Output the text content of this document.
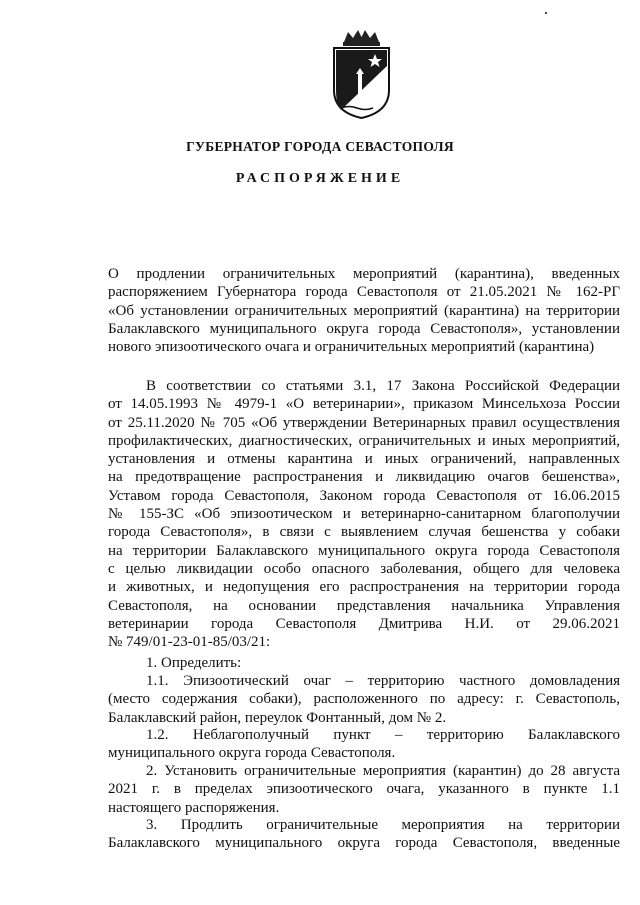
ГУБЕРНАТОР ГОРОДА СЕВАСТОПОЛЯ
РАСПОРЯЖЕНИЕ
О продлении ограничительных мероприятий (карантина), введенных
распоряжением Губернатора города Севастополя от 21.05.2021 № 162-РГ
«Об установлении ограничительных мероприятий (карантина) на территории
Балаклавского муниципального округа города Севастополя», установлении
нового эпизоотического очага и ограничительных мероприятий (карантина)
В соответствии со статьями 3.1, 17 Закона Российской Федерации
от 14.05.1993 № 4979-1 «О ветеринарии», приказом Минсельхоза России
от 25.11.2020 № 705 «Об утверждении Ветеринарных правил осуществления
профилактических, диагностических, ограничительных и иных мероприятий,
установления и отмены карантина и иных ограничений, направленных
на предотвращение распространения и ликвидацию очагов бешенства»,
Уставом города Севастополя, Законом города Севастополя от 16.06.2015
№ 155-ЗС «Об эпизоотическом и ветеринарно-санитарном благополучии
города Севастополя», в связи с выявлением случая бешенства у собаки
на территории Балаклавского муниципального округа города Севастополя
с целью ликвидации особо опасного заболевания, общего для человека
и животных, и недопущения его распространения на территории города
Севастополя, на основании представления начальника Управления
ветеринарии города Севастополя Дмитрива Н.И. от 29.06.2021
№ 749/01-23-01-85/03/21:
1. Определить:
1.1. Эпизоотический очаг – территорию частного домовладения
(место содержания собаки), расположенного по адресу: г. Севастополь,
Балаклавский район, переулок Фонтанный, дом № 2.
1.2. Неблагополучный пункт – территорию Балаклавского
муниципального округа города Севастополя.
2. Установить ограничительные мероприятия (карантин) до 28 августа
2021 г. в пределах эпизоотического очага, указанного в пункте 1.1
настоящего распоряжения.
3. Продлить ограничительные мероприятия на территории
Балаклавского муниципального округа города Севастополя, введенные
